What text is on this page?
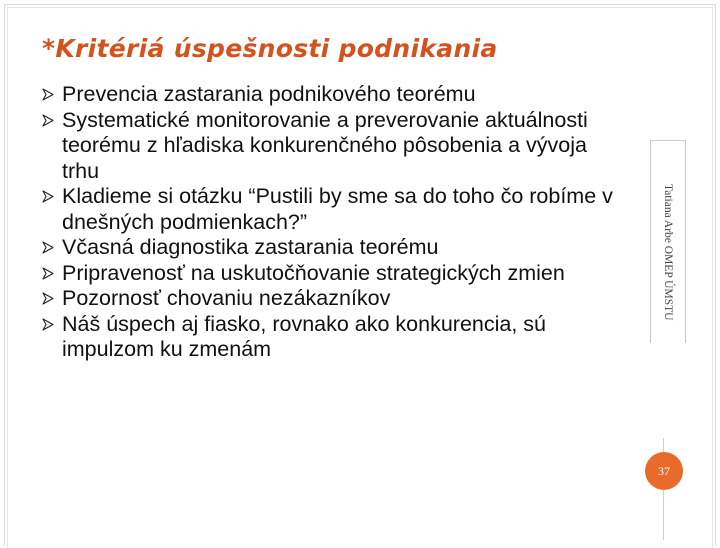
*Kritériá úspešnosti podnikania
Prevencia zastarania podnikového teorému
Systematické monitorovanie a preverovanie aktuálnosti teorému z hľadiska konkurenčného pôsobenia a vývoja trhu
Kladieme si otázku “Pustili by sme sa do toho čo robíme v dnešných podmienkach?”
Včasná diagnostika zastarania teorému
Pripravenosť na uskutočňovanie strategických zmien
Pozornosť chovaniu nezákazníkov
Náš úspech aj fiasko, rovnako ako konkurencia, sú impulzom ku zmenám
Tatiana Arbe OMEP ÚMSTU
37
